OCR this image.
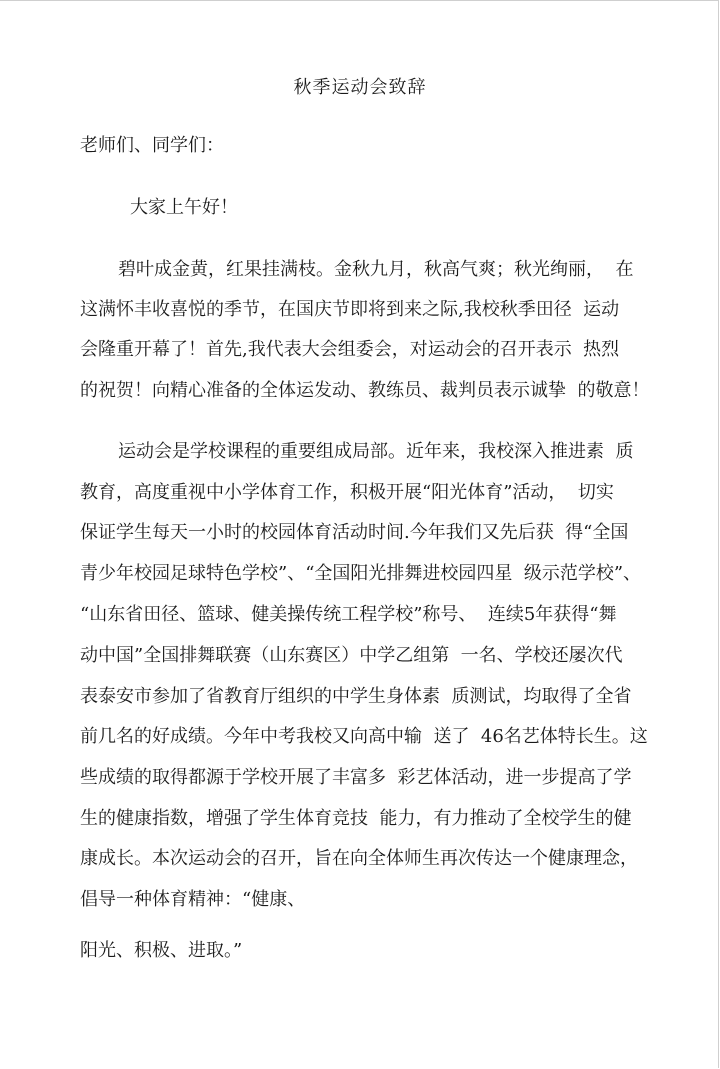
秋季运动会致辞
老师们、同学们：
大家上午好！
碧叶成金黄，红果挂满枝。金秋九月，秋高气爽；秋光绚丽，  在
这满怀丰收喜悦的季节，在国庆节即将到来之际,我校秋季田径  运动
会隆重开幕了！首先,我代表大会组委会，对运动会的召开表示  热烈
的祝贺！向精心准备的全体运发动、教练员、裁判员表示诚挚  的敬意！
运动会是学校课程的重要组成局部。近年来，我校深入推进素  质
教育，高度重视中小学体育工作，积极开展“阳光体育”活动，  切实
保证学生每天一小时的校园体育活动时间.今年我们又先后获  得“全国
青少年校园足球特色学校”、“全国阳光排舞进校园四星  级示范学校”、
“山东省田径、篮球、健美操传统工程学校”称号、  连续5年获得“舞
动中国”全国排舞联赛（山东赛区）中学乙组第  一名、学校还屡次代
表泰安市参加了省教育厅组织的中学生身体素  质测试，均取得了全省
前几名的好成绩。今年中考我校又向高中输  送了  46名艺体特长生。这
些成绩的取得都源于学校开展了丰富多  彩艺体活动，进一步提高了学
生的健康指数，增强了学生体育竞技  能力，有力推动了全校学生的健
康成长。本次运动会的召开，旨在向全体师生再次传达一个健康理念，
倡导一种体育精神：“健康、
阳光、积极、进取。”
